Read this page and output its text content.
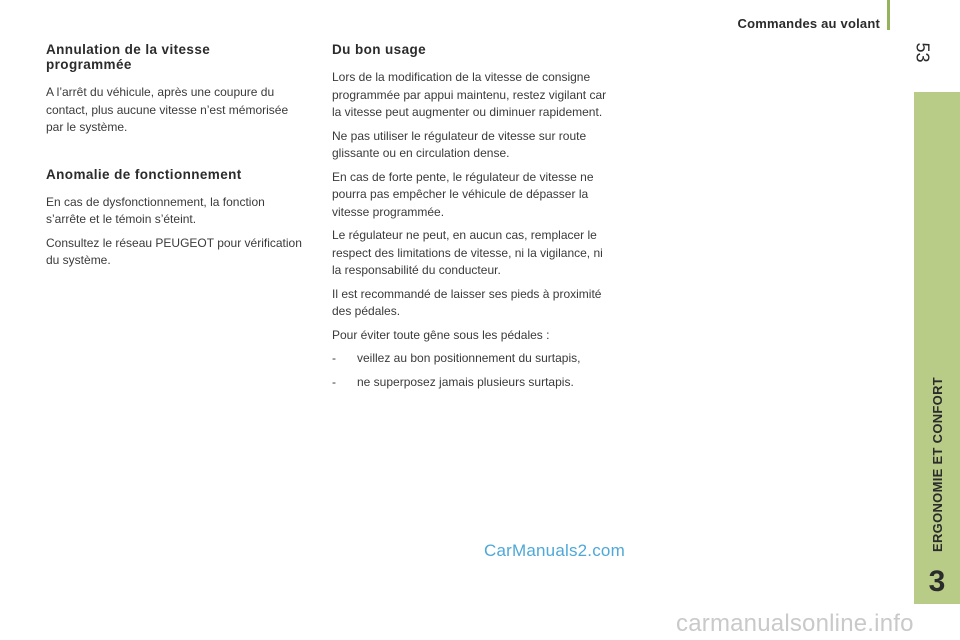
Commandes au volant
53
ERGONOMIE ET CONFORT
3
Annulation de la vitesse
programmée

A l’arrêt du véhicule, après une coupure du contact, plus aucune vitesse n’est mémorisée par le système.

Anomalie de fonctionnement

En cas de dysfonctionnement, la fonction s’arrête et le témoin s’éteint.

Consultez le réseau PEUGEOT pour vérification du système.

Du bon usage

Lors de la modification de la vitesse de consigne programmée par appui maintenu, restez vigilant car la vitesse peut augmenter ou diminuer rapidement.

Ne pas utiliser le régulateur de vitesse sur route glissante ou en circulation dense.

En cas de forte pente, le régulateur de vitesse ne pourra pas empêcher le véhicule de dépasser la vitesse programmée.

Le régulateur ne peut, en aucun cas, remplacer le respect des limitations de vitesse, ni la vigilance, ni la responsabilité du conducteur.

Il est recommandé de laisser ses pieds à proximité des pédales.

Pour éviter toute gêne sous les pédales :

- veillez au bon positionnement du surtapis,
- ne superposez jamais plusieurs surtapis.
CarManuals2.com
carmanualsonline.info
